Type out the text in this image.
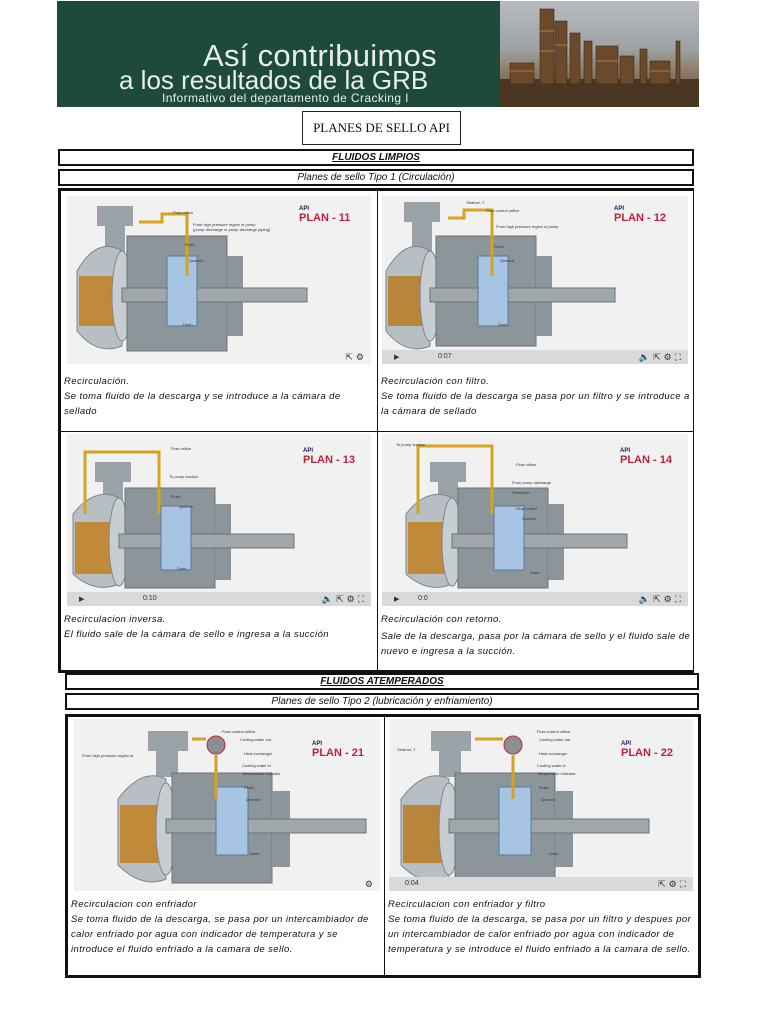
Así contribuimos
a los resultados de la GRB
Informativo del departamento de Cracking I
PLANES DE SELLO API
FLUIDOS LIMPIOS
Planes de sello Tipo 1 (Circulación)
API
PLAN - 11
Flow orifice
From high pressure region of pump
(pump discharge or pump discharge piping)
Flush
Quench
Drain
⇱⚙
Recirculación.
Se toma fluido de la descarga y se introduce a la cámara de sellado
API
PLAN - 12
Strainer, Y
Flow control orifice
From high pressure region of pump
Flush
Quench
Drain
▶	0:07	🔈⇱⚙⛶
Recirculación con filtro.
Se toma fluido de la descarga se pasa por un filtro y se introduce a la cámara de sellado
API
PLAN - 13
Flow orifice
To pump suction
Flush
Quench
Drain
▶	0:10	🔈⇱⚙⛶
Recirculacion inversa.
El fluido sale de la cámara de sello e ingresa a la succión
API
PLAN - 14
To pump suction
Flow orifice
From pump discharge
Feed inlet
Flush outlet
Quench
Drain
▶	0:0	🔈⇱⚙⛶
Recirculación con retorno.
Sale de la descarga, pasa por la cámara de sello y el fluido sale de nuevo e ingresa a la succión.
FLUIDOS ATEMPERADOS
Planes de sello Tipo 2 (lubricación y enfriamiento)
API
PLAN - 21
Flow control orifice
Cooling water out
Heat exchanger
From high pressure region of
Cooling water in
Temperature indicator
Flush
Quench
Drain
⚙
Recirculacion con enfriador
Se toma fluido de la descarga, se pasa por un intercambiador de calor enfriado por agua con indicador de temperatura y se introduce el fluido enfriado a la camara de sello.
API
PLAN - 22
Strainer, Y
Flow control orifice
Cooling water out
Heat exchanger
Cooling water in
Temperature indicator
Flush
Quench
Drain
0:04	⇱⚙⛶
Recirculacion con enfriador y filtro
Se toma fluido de la descarga, se pasa por un filtro y despues por un intercambiador de calor enfriado por agua con indicador de temperatura y se introduce el fluido enfriado a la camara de sello.
